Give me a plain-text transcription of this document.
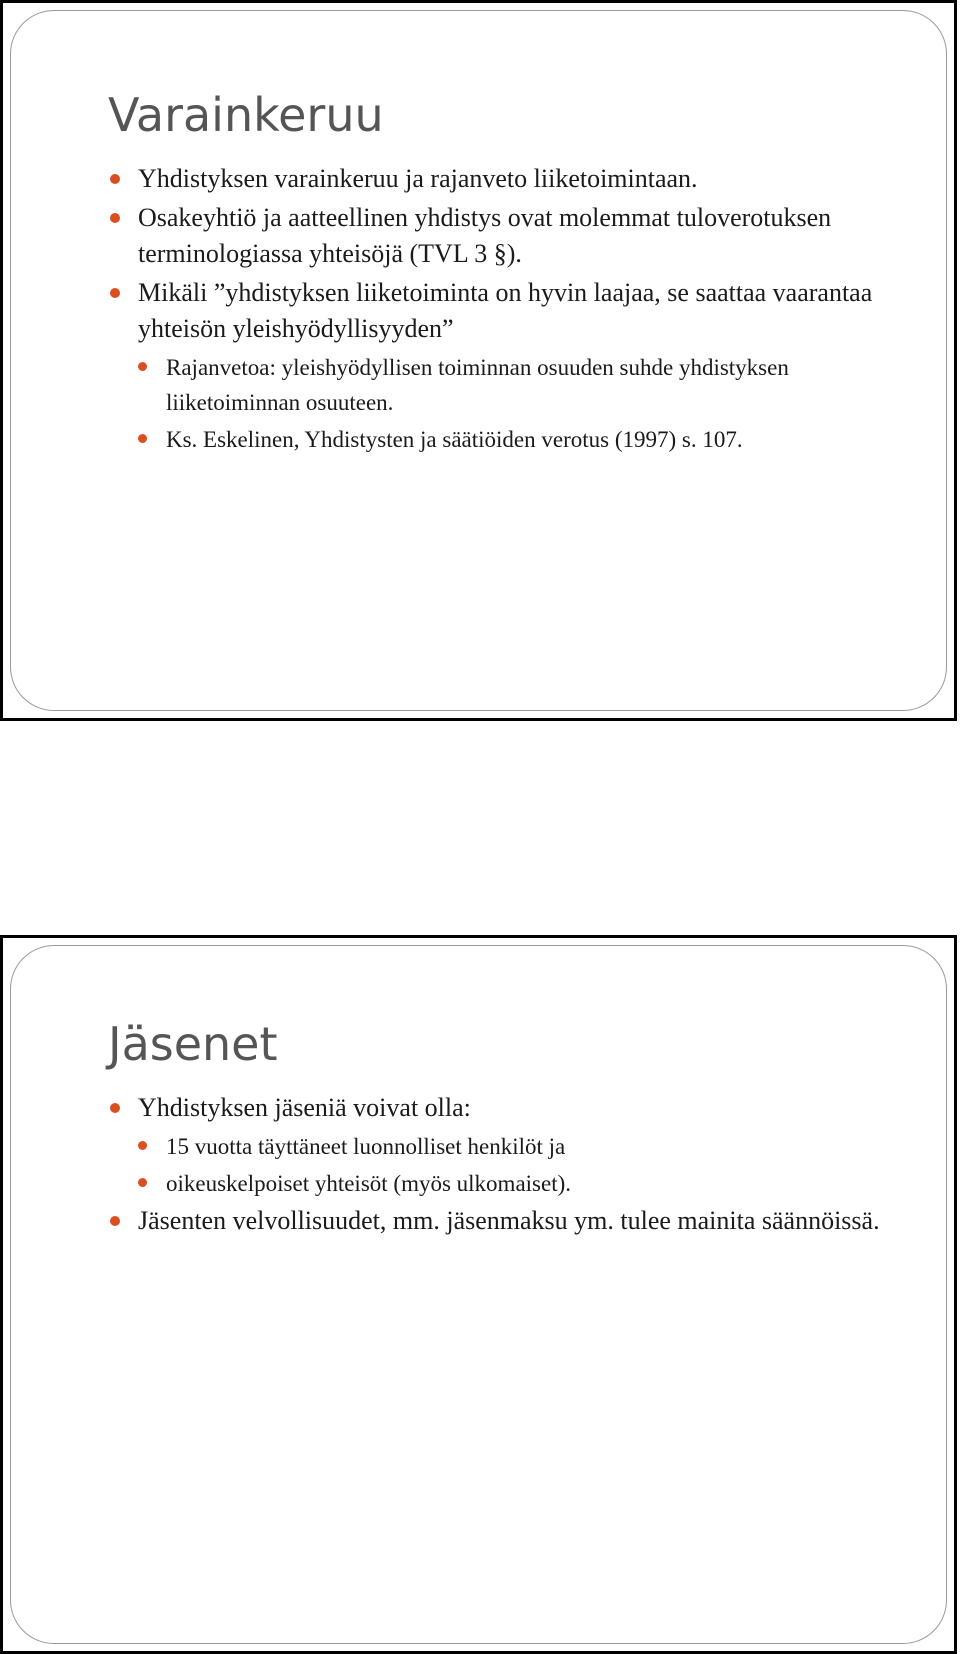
Varainkeruu
Yhdistyksen varainkeruu ja rajanveto liiketoimintaan.
Osakeyhtiö ja aatteellinen yhdistys ovat molemmat tuloverotuksen terminologiassa yhteisöjä (TVL 3 §).
Mikäli ”yhdistyksen liiketoiminta on hyvin laajaa, se saattaa vaarantaa yhteisön yleishyödyllisyyden”
Rajanvetoa: yleishyödyllisen toiminnan osuuden suhde yhdistyksen liiketoiminnan osuuteen.
Ks. Eskelinen, Yhdistysten ja säätiöiden verotus (1997) s. 107.
Jäsenet
Yhdistyksen jäseniä voivat olla:
15 vuotta täyttäneet luonnolliset henkilöt ja
oikeuskelpoiset yhteisöt (myös ulkomaiset).
Jäsenten velvollisuudet, mm. jäsenmaksu ym. tulee mainita säännöissä.
